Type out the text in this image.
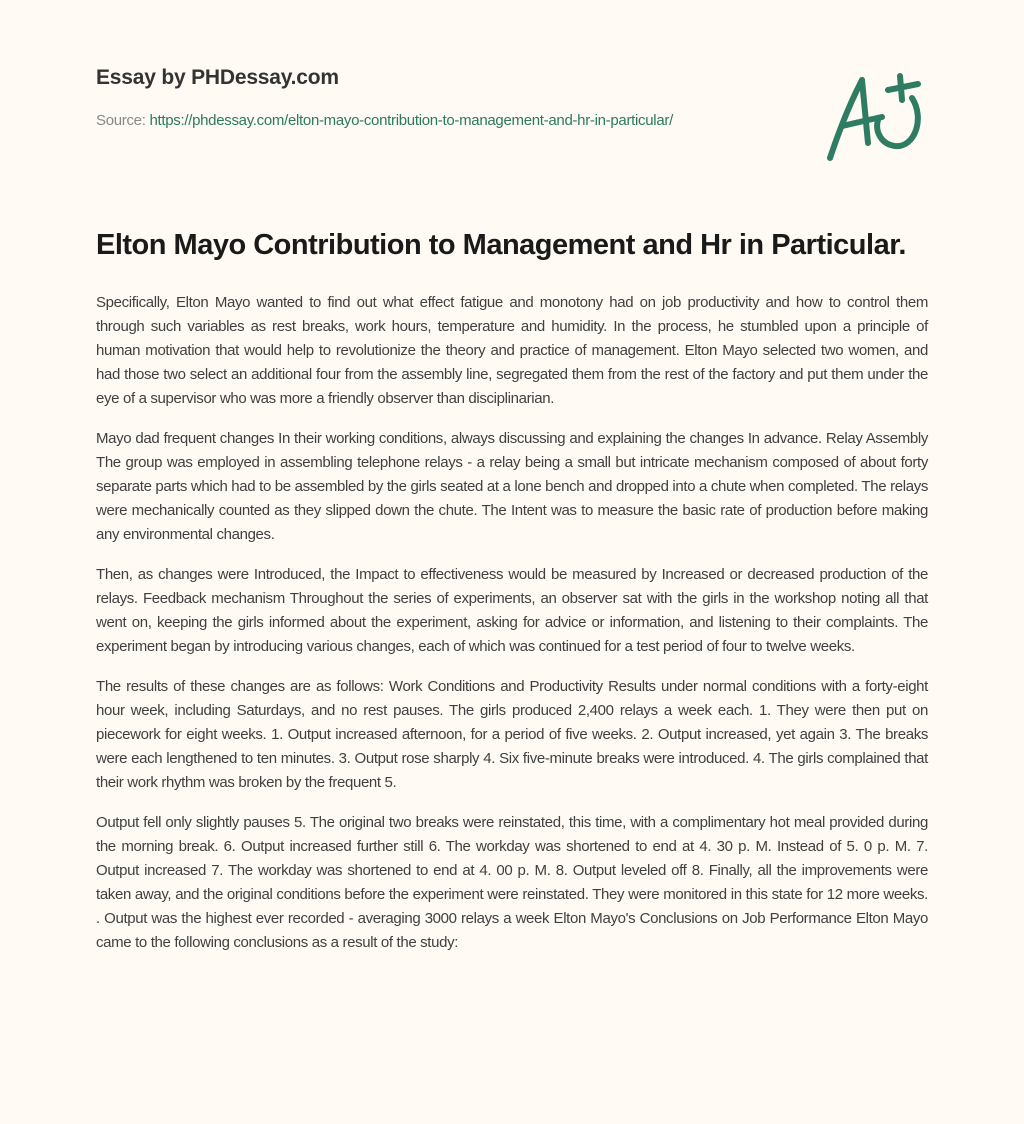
Essay by PHDessay.com
Source: https://phdessay.com/elton-mayo-contribution-to-management-and-hr-in-particular/
Elton Mayo Contribution to Management and Hr in Particular.

Specifically, Elton Mayo wanted to find out what effect fatigue and monotony had on job productivity and how to control them through such variables as rest breaks, work hours, temperature and humidity. In the process, he stumbled upon a principle of human motivation that would help to revolutionize the theory and practice of management. Elton Mayo selected two women, and had those two select an additional four from the assembly line, segregated them from the rest of the factory and put them under the eye of a supervisor who was more a friendly observer than disciplinarian.

Mayo dad frequent changes In their working conditions, always discussing and explaining the changes In advance. Relay Assembly The group was employed in assembling telephone relays - a relay being a small but intricate mechanism composed of about forty separate parts which had to be assembled by the girls seated at a lone bench and dropped into a chute when completed. The relays were mechanically counted as they slipped down the chute. The Intent was to measure the basic rate of production before making any environmental changes.

Then, as changes were Introduced, the Impact to effectiveness would be measured by Increased or decreased production of the relays. Feedback mechanism Throughout the series of experiments, an observer sat with the girls in the workshop noting all that went on, keeping the girls informed about the experiment, asking for advice or information, and listening to their complaints. The experiment began by introducing various changes, each of which was continued for a test period of four to twelve weeks.

The results of these changes are as follows: Work Conditions and Productivity Results under normal conditions with a forty-eight hour week, including Saturdays, and no rest pauses. The girls produced 2,400 relays a week each. 1. They were then put on piecework for eight weeks. 1. Output increased afternoon, for a period of five weeks. 2. Output increased, yet again 3. The breaks were each lengthened to ten minutes. 3. Output rose sharply 4. Six five-minute breaks were introduced. 4. The girls complained that their work rhythm was broken by the frequent 5.

Output fell only slightly pauses 5. The original two breaks were reinstated, this time, with a complimentary hot meal provided during the morning break. 6. Output increased further still 6. The workday was shortened to end at 4. 30 p. M. Instead of 5. 0 p. M. 7. Output increased 7. The workday was shortened to end at 4. 00 p. M. 8. Output leveled off 8. Finally, all the improvements were taken away, and the original conditions before the experiment were reinstated. They were monitored in this state for 12 more weeks. . Output was the highest ever recorded - averaging 3000 relays a week Elton Mayo's Conclusions on Job Performance Elton Mayo came to the following conclusions as a result of the study:
